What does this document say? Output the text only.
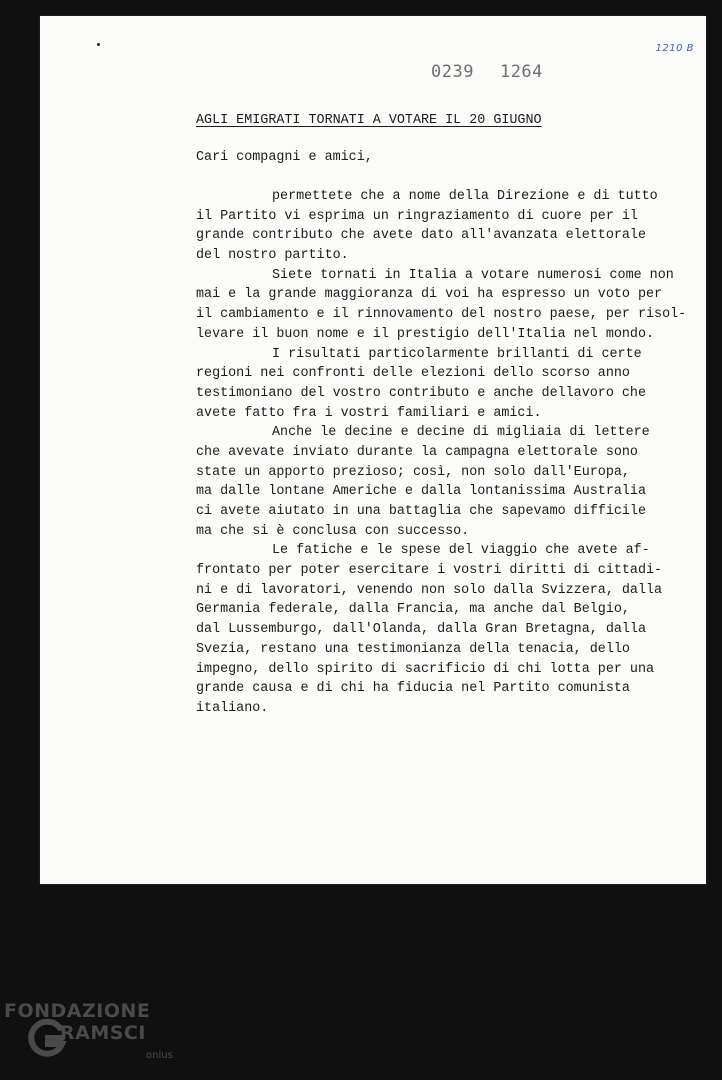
1210 B
0239 1264
AGLI EMIGRATI TORNATI A VOTARE IL 20 GIUGNO
Cari compagni e amici,
permettete che a nome della Direzione e di tutto
il Partito vi esprima un ringraziamento di cuore per il
grande contributo che avete dato all'avanzata elettorale
del nostro partito.
Siete tornati in Italia a votare numerosi come non
mai e la grande maggioranza di voi ha espresso un voto per
il cambiamento e il rinnovamento del nostro paese, per risol-
levare il buon nome e il prestigio dell'Italia nel mondo.
I risultati particolarmente brillanti di certe
regioni nei confronti delle elezioni dello scorso anno
testimoniano del vostro contributo e anche dellavoro che
avete fatto fra i vostri familiari e amici.
Anche le decine e decine di migliaia di lettere
che avevate inviato durante la campagna elettorale sono
state un apporto prezioso; così, non solo dall'Europa,
ma dalle lontane Americhe e dalla lontanissima Australia
ci avete aiutato in una battaglia che sapevamo difficile
ma che si è conclusa con successo.
Le fatiche e le spese del viaggio che avete af-
frontato per poter esercitare i vostri diritti di cittadi-
ni e di lavoratori, venendo non solo dalla Svizzera, dalla
Germania federale, dalla Francia, ma anche dal Belgio,
dal Lussemburgo, dall'Olanda, dalla Gran Bretagna, dalla
Svezia, restano una testimonianza della tenacia, dello
impegno, dello spirito di sacrificio di chi lotta per una
grande causa e di chi ha fiducia nel Partito comunista
italiano.
FONDAZIONE
RAMSCI
onlus
